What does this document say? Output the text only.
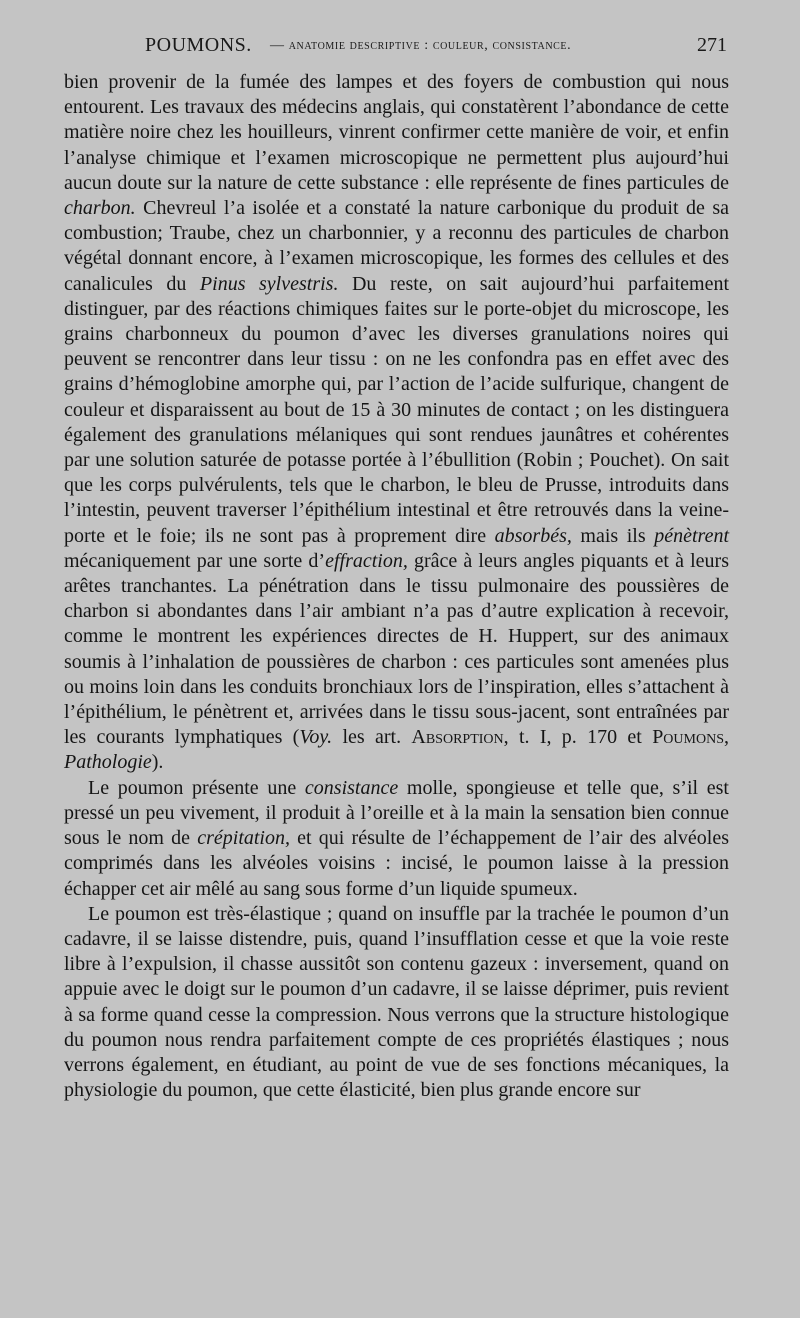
POUMONS. — anatomie descriptive : couleur, consistance.	271

bien provenir de la fumée des lampes et des foyers de combustion qui nous entourent. Les travaux des médecins anglais, qui constatèrent l’abondance de cette matière noire chez les houilleurs, vinrent confirmer cette manière de voir, et enfin l’analyse chimique et l’examen microscopique ne permettent plus aujourd’hui aucun doute sur la nature de cette substance : elle représente de fines particules de charbon. Chevreul l’a isolée et a constaté la nature carbonique du produit de sa combustion; Traube, chez un charbonnier, y a reconnu des particules de charbon végétal donnant encore, à l’examen microscopique, les formes des cellules et des canalicules du Pinus sylvestris. Du reste, on sait aujourd’hui parfaitement distinguer, par des réactions chimiques faites sur le porte-objet du microscope, les grains charbonneux du poumon d’avec les diverses granulations noires qui peuvent se rencontrer dans leur tissu : on ne les confondra pas en effet avec des grains d’hémoglobine amorphe qui, par l’action de l’acide sulfurique, changent de couleur et disparaissent au bout de 15 à 30 minutes de contact ; on les distinguera également des granulations mélaniques qui sont rendues jaunâtres et cohérentes par une solution saturée de potasse portée à l’ébullition (Robin ; Pouchet). On sait que les corps pulvérulents, tels que le charbon, le bleu de Prusse, introduits dans l’intestin, peuvent traverser l’épithélium intestinal et être retrouvés dans la veine-porte et le foie; ils ne sont pas à proprement dire absorbés, mais ils pénètrent mécaniquement par une sorte d’effraction, grâce à leurs angles piquants et à leurs arêtes tranchantes. La pénétration dans le tissu pulmonaire des poussières de charbon si abondantes dans l’air ambiant n’a pas d’autre explication à recevoir, comme le montrent les expériences directes de H. Huppert, sur des animaux soumis à l’inhalation de poussières de charbon : ces particules sont amenées plus ou moins loin dans les conduits bronchiaux lors de l’inspiration, elles s’attachent à l’épithélium, le pénètrent et, arrivées dans le tissu sous-jacent, sont entraînées par les courants lymphatiques (Voy. les art. Absorption, t. I, p. 170 et Poumons, Pathologie).

Le poumon présente une consistance molle, spongieuse et telle que, s’il est pressé un peu vivement, il produit à l’oreille et à la main la sensation bien connue sous le nom de crépitation, et qui résulte de l’échappement de l’air des alvéoles comprimés dans les alvéoles voisins : incisé, le poumon laisse à la pression échapper cet air mêlé au sang sous forme d’un liquide spumeux.

Le poumon est très-élastique ; quand on insuffle par la trachée le poumon d’un cadavre, il se laisse distendre, puis, quand l’insufflation cesse et que la voie reste libre à l’expulsion, il chasse aussitôt son contenu gazeux : inversement, quand on appuie avec le doigt sur le poumon d’un cadavre, il se laisse déprimer, puis revient à sa forme quand cesse la compression. Nous verrons que la structure histologique du poumon nous rendra parfaitement compte de ces propriétés élastiques ; nous verrons également, en étudiant, au point de vue de ses fonctions mécaniques, la physiologie du poumon, que cette élasticité, bien plus grande encore sur
